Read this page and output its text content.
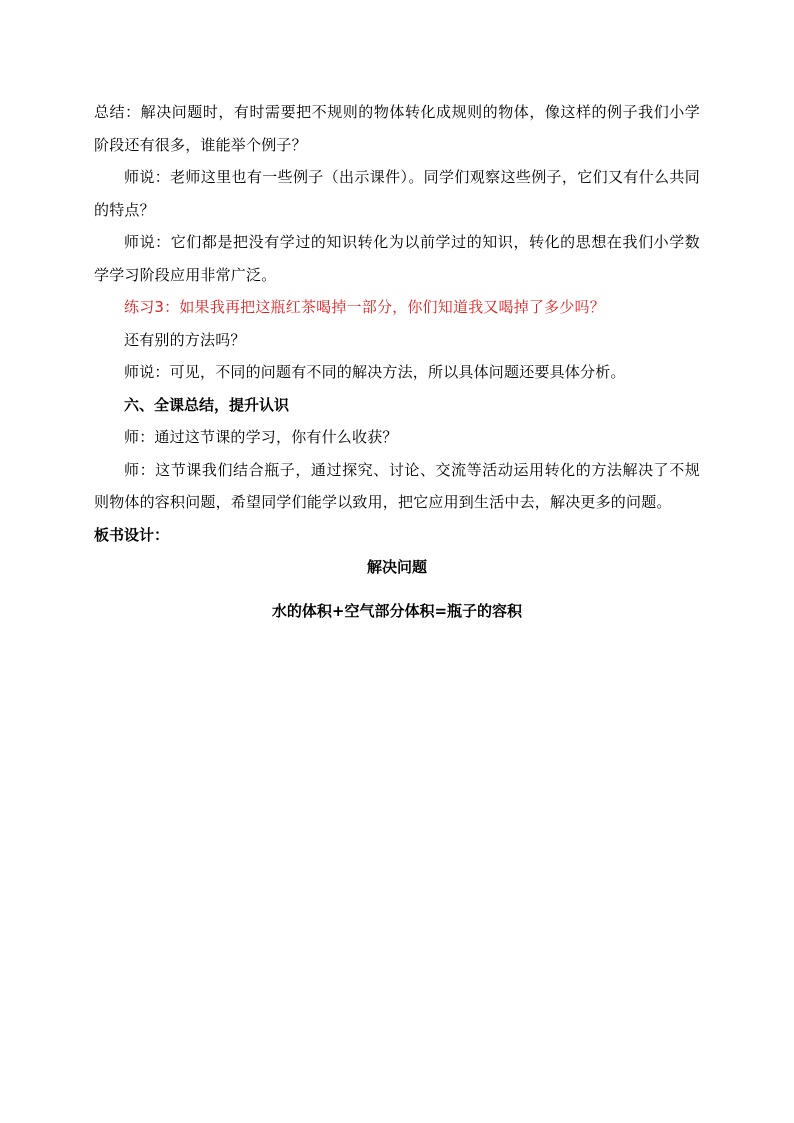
总结：解决问题时，有时需要把不规则的物体转化成规则的物体，像这样的例子我们小学阶段还有很多，谁能举个例子？

师说：老师这里也有一些例子（出示课件）。同学们观察这些例子，它们又有什么共同的特点？

师说：它们都是把没有学过的知识转化为以前学过的知识，转化的思想在我们小学数学学习阶段应用非常广泛。

练习3：如果我再把这瓶红茶喝掉一部分，你们知道我又喝掉了多少吗？

还有别的方法吗？

师说：可见，不同的问题有不同的解决方法，所以具体问题还要具体分析。

六、全课总结，提升认识

师：通过这节课的学习，你有什么收获？

师：这节课我们结合瓶子，通过探究、讨论、交流等活动运用转化的方法解决了不规则物体的容积问题，希望同学们能学以致用，把它应用到生活中去，解决更多的问题。

板书设计：

解决问题

水的体积+空气部分体积=瓶子的容积
